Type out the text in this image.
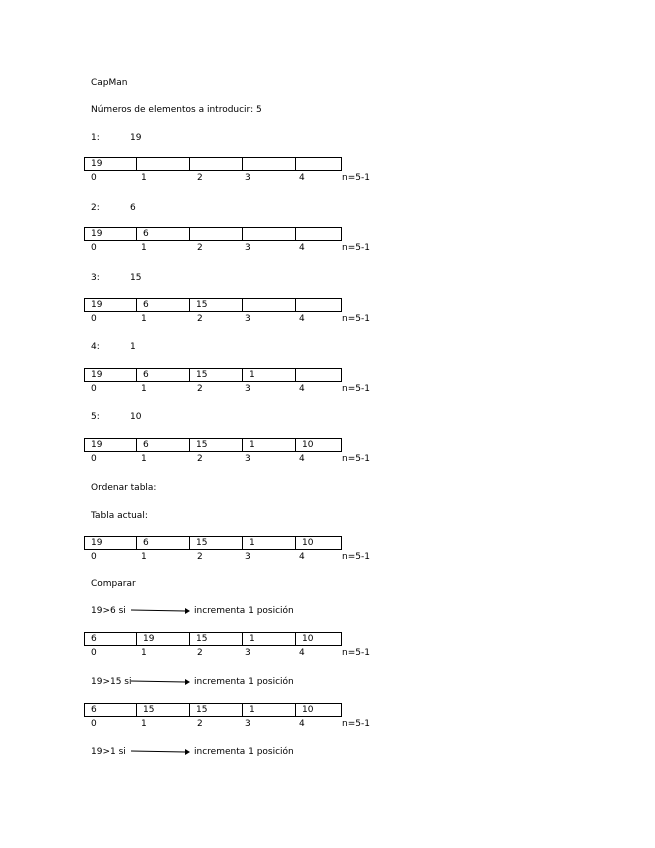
CapMan
Números de elementos a introducir: 5
1:	19
19
0	1	2	3	4	n=5-1
2:	6
19	6
0	1	2	3	4	n=5-1
3:	15
19	6	15
0	1	2	3	4	n=5-1
4:	1
19	6	15	1
0	1	2	3	4	n=5-1
5:	10
19	6	15	1	10
0	1	2	3	4	n=5-1
Ordenar tabla:
Tabla actual:
19	6	15	1	10
0	1	2	3	4	n=5-1
Comparar
19>6 si	incrementa 1 posición
6	19	15	1	10
0	1	2	3	4	n=5-1
19>15 si	incrementa 1 posición
6	15	15	1	10
0	1	2	3	4	n=5-1
19>1 si	incrementa 1 posición
